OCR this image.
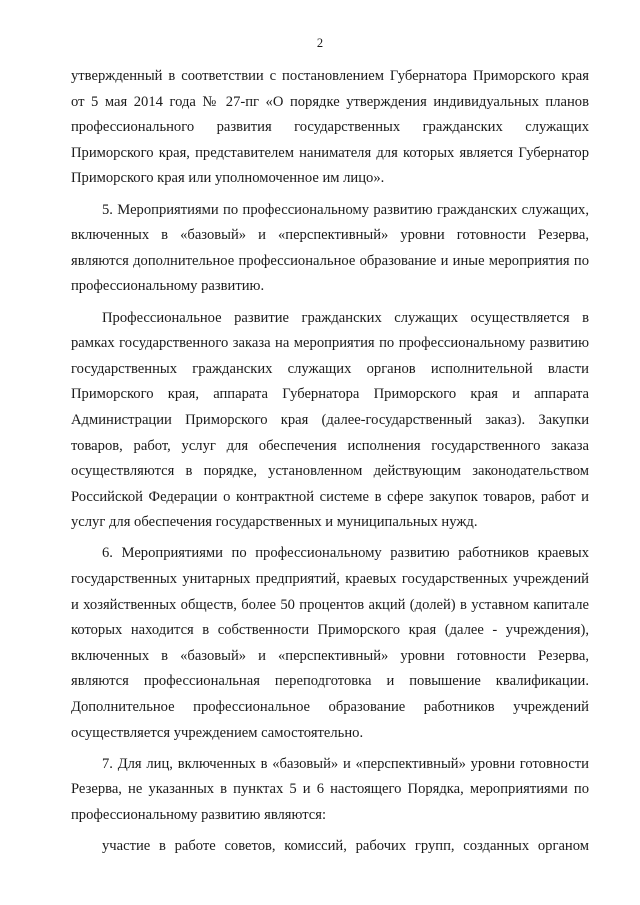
2

утвержденный в соответствии с постановлением Губернатора Приморского края от 5 мая 2014 года № 27-пг «О порядке утверждения индивидуальных планов профессионального развития государственных гражданских служащих Приморского края, представителем нанимателя для которых является Губернатор Приморского края или уполномоченное им лицо».

5. Мероприятиями по профессиональному развитию гражданских служащих, включенных в «базовый» и «перспективный» уровни готовности Резерва, являются дополнительное профессиональное образование и иные мероприятия по профессиональному развитию.

Профессиональное развитие гражданских служащих осуществляется в рамках государственного заказа на мероприятия по профессиональному развитию государственных гражданских служащих органов исполнительной власти Приморского края, аппарата Губернатора Приморского края и аппарата Администрации Приморского края (далее-государственный заказ). Закупки товаров, работ, услуг для обеспечения исполнения государственного заказа осуществляются в порядке, установленном действующим законодательством Российской Федерации о контрактной системе в сфере закупок товаров, работ и услуг для обеспечения государственных и муниципальных нужд.

6. Мероприятиями по профессиональному развитию работников краевых государственных унитарных предприятий, краевых государственных учреждений и хозяйственных обществ, более 50 процентов акций (долей) в уставном капитале которых находится в собственности Приморского края (далее - учреждения), включенных в «базовый» и «перспективный» уровни готовности Резерва, являются профессиональная переподготовка и повышение квалификации. Дополнительное профессиональное образование работников учреждений осуществляется учреждением самостоятельно.

7. Для лиц, включенных в «базовый» и «перспективный» уровни готовности Резерва, не указанных в пунктах 5 и 6 настоящего Порядка, мероприятиями по профессиональному развитию являются:

участие в работе советов, комиссий, рабочих групп, созданных органом
